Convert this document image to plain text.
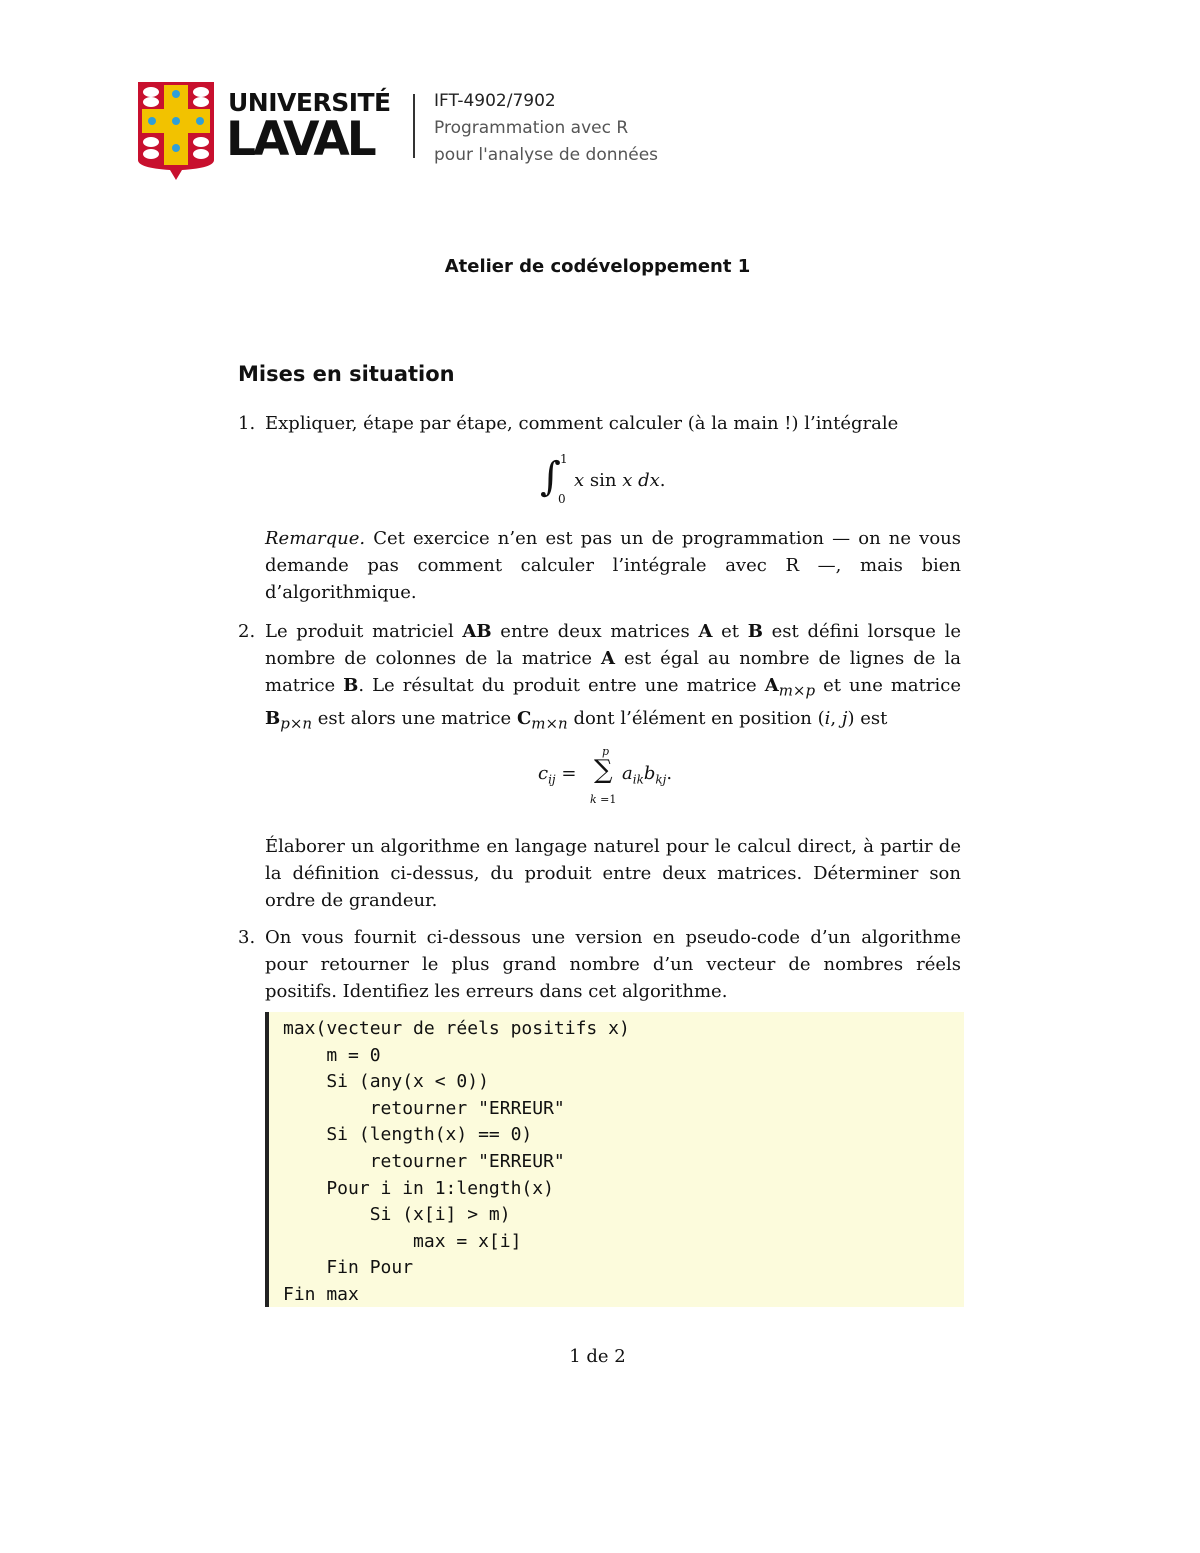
UNIVERSITÉ
LAVAL
IFT-4902/7902
Programmation avec R
pour l'analyse de données
Atelier de codéveloppement 1
Mises en situation
1. Expliquer, étape par étape, comment calculer (à la main !) l’intégrale
∫ 1
0
x sin x dx.
Remarque. Cet exercice n’en est pas un de programmation — on ne vous demande pas comment calculer l’intégrale avec R —, mais bien d’algorithmique.
2. Le produit matriciel AB entre deux matrices A et B est défini lorsque le nombre de colonnes de la matrice A est égal au nombre de lignes de la matrice B. Le résultat du produit entre une matrice $A_{m\times p}$ et une matrice $B_{p\times n}$ est alors une matrice $C_{m\times n}$ dont l’élément en position (i, j) est
$c_{ij}$ =
p
∑
k =1
$a_{ik}b_{kj}$.
Élaborer un algorithme en langage naturel pour le calcul direct, à partir de la définition ci-dessus, du produit entre deux matrices. Déterminer son ordre de grandeur.
3. On vous fournit ci-dessous une version en pseudo-code d’un algorithme pour retourner le plus grand nombre d’un vecteur de nombres réels positifs. Identifiez les erreurs dans cet algorithme.
max(vecteur de réels positifs x)
m = 0
Si (any(x < 0))
retourner "ERREUR"
Si (length(x) == 0)
retourner "ERREUR"
Pour i in 1:length(x)
Si (x[i] > m)
max = x[i]
Fin Pour
Fin max
1 de 2
